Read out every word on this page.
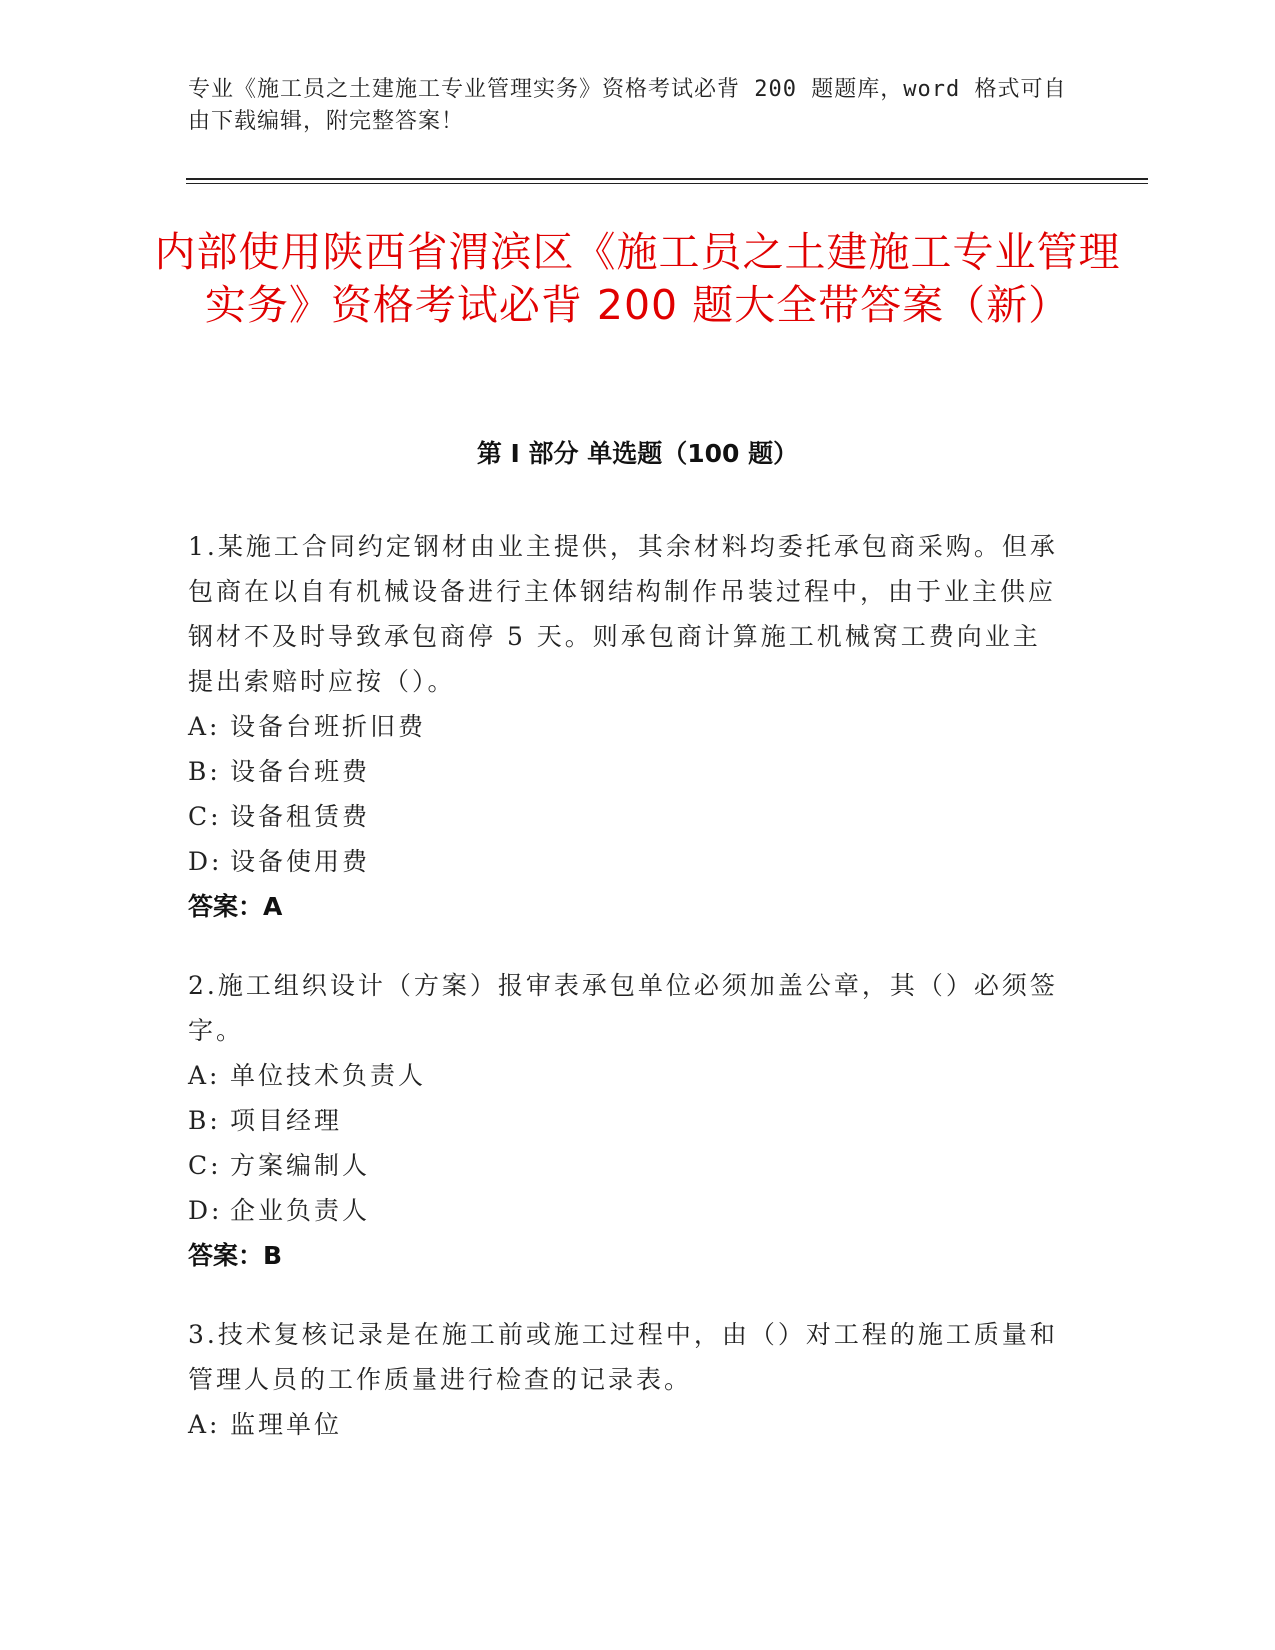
专业《施工员之土建施工专业管理实务》资格考试必背 200 题题库，word 格式可自由下载编辑，附完整答案！
内部使用陕西省渭滨区《施工员之土建施工专业管理实务》资格考试必背 200 题大全带答案（新）
第 I 部分 单选题（100 题）
1.某施工合同约定钢材由业主提供，其余材料均委托承包商采购。但承包商在以自有机械设备进行主体钢结构制作吊装过程中，由于业主供应钢材不及时导致承包商停 5 天。则承包商计算施工机械窝工费向业主提出索赔时应按（）。
A: 设备台班折旧费
B: 设备台班费
C: 设备租赁费
D: 设备使用费
答案：A
2.施工组织设计（方案）报审表承包单位必须加盖公章，其（）必须签字。
A: 单位技术负责人
B: 项目经理
C: 方案编制人
D: 企业负责人
答案：B
3.技术复核记录是在施工前或施工过程中，由（）对工程的施工质量和管理人员的工作质量进行检查的记录表。
A: 监理单位
